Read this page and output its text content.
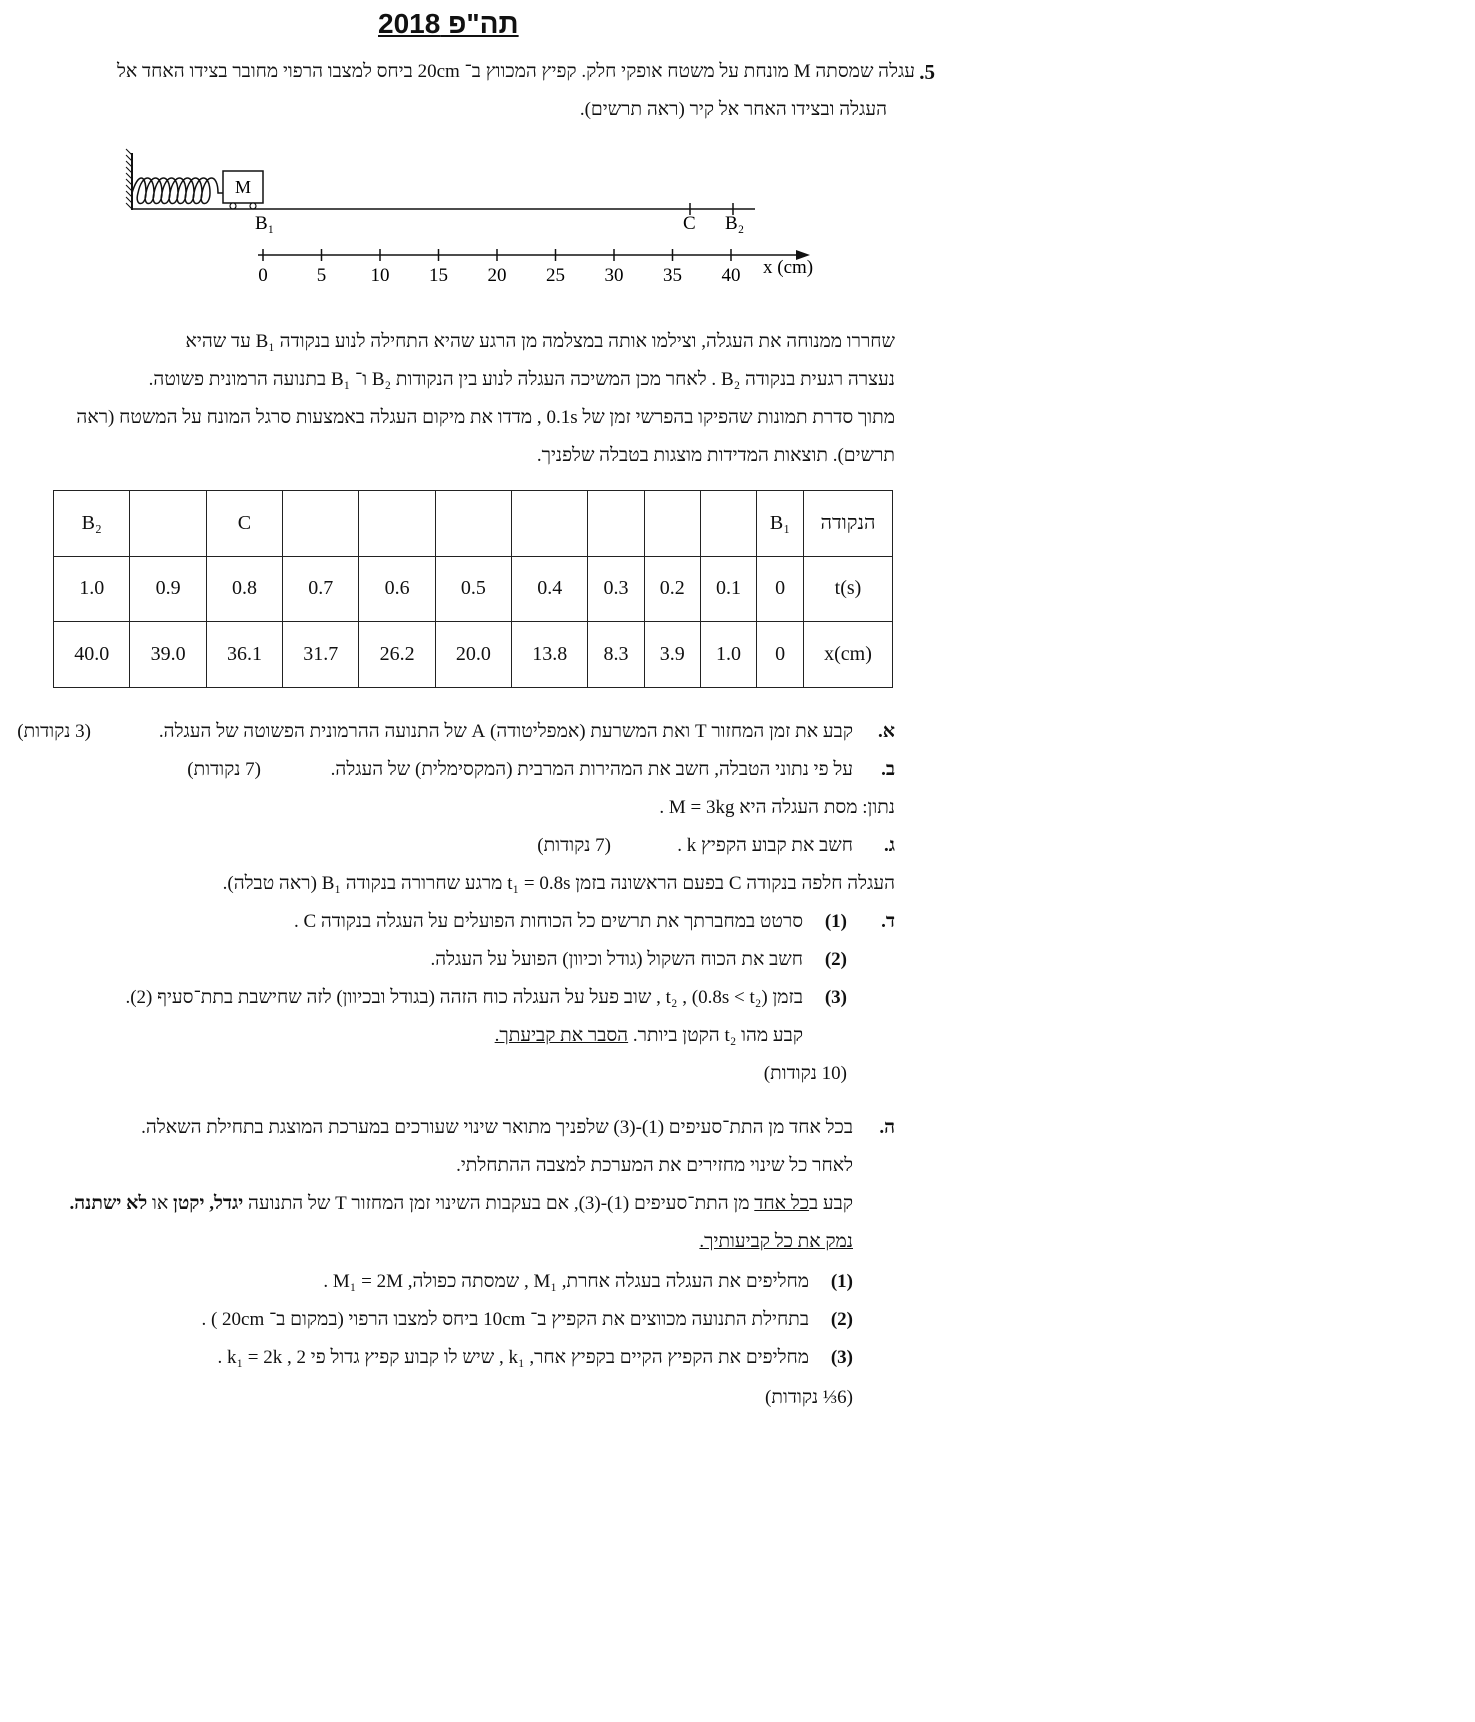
תה"פ 2018
.5
עגלה שמסתה M מונחת על משטח אופקי חלק. קפיץ המכווץ ב־ 20cm ביחס למצבו הרפוי מחובר בצידו האחד אל
העגלה ובצידו האחר אל קיר (ראה תרשים).
M
B₁	C B₂
0	5 10 15 20 25 30 35 40 x (cm)
שחררו ממנוחה את העגלה, וצילמו אותה במצלמה מן הרגע שהיא התחילה לנוע בנקודה B₁ עד שהיא
נעצרה רגעית בנקודה B₂ . לאחר מכן המשיכה העגלה לנוע בין הנקודות B₂ ו־ B₁ בתנועה הרמונית פשוטה.
מתוך סדרת תמונות שהפיקו בהפרשי זמן של 0.1s , מדדו את מיקום העגלה באמצעות סרגל המונח על המשטח (ראה
תרשים). תוצאות המדידות מוצגות בטבלה שלפניך.
הנקודה	B₁								C		B₂
t(s)	0	0.1	0.2	0.3	0.4	0.5	0.6	0.7	0.8	0.9	1.0
x(cm)	0	1.0	3.9	8.3	13.8	20.0	26.2	31.7	36.1	39.0	40.0
א.
קבע את זמן המחזור T ואת המשרעת (אמפליטודה) A של התנועה ההרמונית הפשוטה של העגלה.
(3 נקודות)
ב.
על פי נתוני הטבלה, חשב את המהירות המרבית (המקסימלית) של העגלה.
(7 נקודות)
נתון: מסת העגלה היא M = 3kg .
ג.
חשב את קבוע הקפיץ k .
(7 נקודות)
העגלה חלפה בנקודה C בפעם הראשונה בזמן t₁ = 0.8s מרגע שחרורה בנקודה B₁ (ראה טבלה).
ד.
(1)
סרטט במחברתך את תרשים כל הכוחות הפועלים על העגלה בנקודה C .
(2)
חשב את הכוח השקול (גודל וכיוון) הפועל על העגלה.
(3)
בזמן t₂ , (0.8s < t₂) , שוב פעל על העגלה כוח הזהה (בגודל ובכיוון) לזה שחישבת בתת־סעיף (2).
קבע מהו t₂ הקטן ביותר. הסבר את קביעתך.
(10 נקודות)
ה.
בכל אחד מן התת־סעיפים (1)-(3) שלפניך מתואר שינוי שעורכים במערכת המוצגת בתחילת השאלה.
לאחר כל שינוי מחזירים את המערכת למצבה ההתחלתי.
קבע בכל אחד מן התת־סעיפים (1)-(3), אם בעקבות השינוי זמן המחזור T של התנועה יגדל, יקטן או לא ישתנה.
נמק את כל קביעותיך.
(1)
מחליפים את העגלה בעגלה אחרת, M₁ , שמסתה כפולה, M₁ = 2M .
(2)
בתחילת התנועה מכווצים את הקפיץ ב־ 10cm ביחס למצבו הרפוי (במקום ב־ 20cm ) .
(3)
מחליפים את הקפיץ הקיים בקפיץ אחר, k₁ , שיש לו קבוע קפיץ גדול פי 2 , k₁ = 2k .
(6⅓ נקודות)
